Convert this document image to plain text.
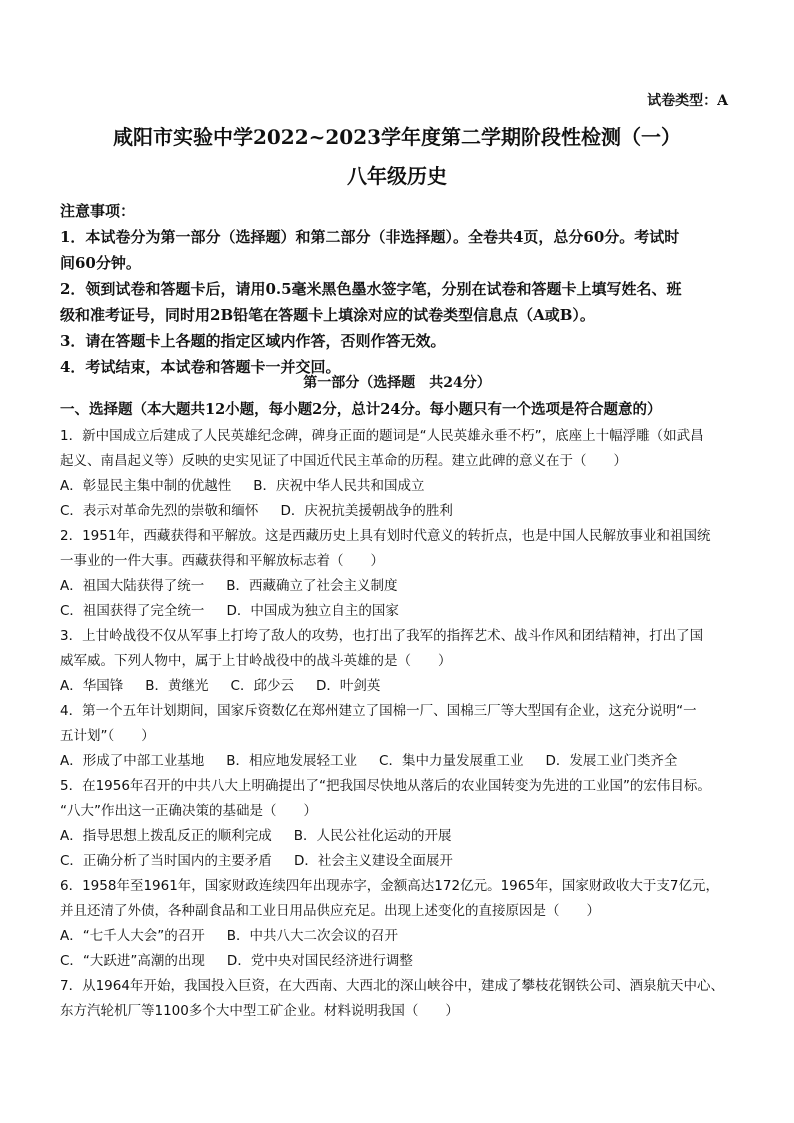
试卷类型：A
咸阳市实验中学2022~2023学年度第二学期阶段性检测（一）
八年级历史

注意事项：

1．本试卷分为第一部分（选择题）和第二部分（非选择题）。全卷共4页，总分60分。考试时

间60分钟。

2．领到试卷和答题卡后，请用0.5毫米黑色墨水签字笔，分别在试卷和答题卡上填写姓名、班

级和准考证号，同时用2B铅笔在答题卡上填涂对应的试卷类型信息点（A或B）。

3．请在答题卡上各题的指定区域内作答，否则作答无效。

4．考试结束，本试卷和答题卡一并交回。

第一部分（选择题　共24分）
一、选择题（本大题共12小题，每小题2分，总计24分。每小题只有一个选项是符合题意的）

1．新中国成立后建成了人民英雄纪念碑，碑身正面的题词是“人民英雄永垂不朽”，底座上十幅浮雕（如武昌

起义、南昌起义等）反映的史实见证了中国近代民主革命的历程。建立此碑的意义在于（　　）

A．彰显民主集中制的优越性 B．庆祝中华人民共和国成立

C．表示对革命先烈的崇敬和缅怀 D．庆祝抗美援朝战争的胜利

2．1951年，西藏获得和平解放。这是西藏历史上具有划时代意义的转折点，也是中国人民解放事业和祖国统

一事业的一件大事。西藏获得和平解放标志着（　　）

A．祖国大陆获得了统一 B．西藏确立了社会主义制度

C．祖国获得了完全统一 D．中国成为独立自主的国家

3．上甘岭战役不仅从军事上打垮了敌人的攻势，也打出了我军的指挥艺术、战斗作风和团结精神，打出了国

威军威。下列人物中，属于上甘岭战役中的战斗英雄的是（　　）

A．华国锋 B．黄继光 C．邱少云 D．叶剑英

4．第一个五年计划期间，国家斥资数亿在郑州建立了国棉一厂、国棉三厂等大型国有企业，这充分说明“一

五计划”（　　）

A．形成了中部工业基地 B．相应地发展轻工业 C．集中力量发展重工业 D．发展工业门类齐全

5．在1956年召开的中共八大上明确提出了“把我国尽快地从落后的农业国转变为先进的工业国”的宏伟目标。

“八大”作出这一正确决策的基础是（　　）

A．指导思想上拨乱反正的顺利完成 B．人民公社化运动的开展

C．正确分析了当时国内的主要矛盾 D．社会主义建设全面展开

6．1958年至1961年，国家财政连续四年出现赤字，金额高达172亿元。1965年，国家财政收大于支7亿元，

并且还清了外债，各种副食品和工业日用品供应充足。出现上述变化的直接原因是（　　）

A．“七千人大会”的召开 B．中共八大二次会议的召开

C．“大跃进”高潮的出现 D．党中央对国民经济进行调整

7．从1964年开始，我国投入巨资，在大西南、大西北的深山峡谷中，建成了攀枝花钢铁公司、酒泉航天中心、

东方汽轮机厂等1100多个大中型工矿企业。材料说明我国（　　）
